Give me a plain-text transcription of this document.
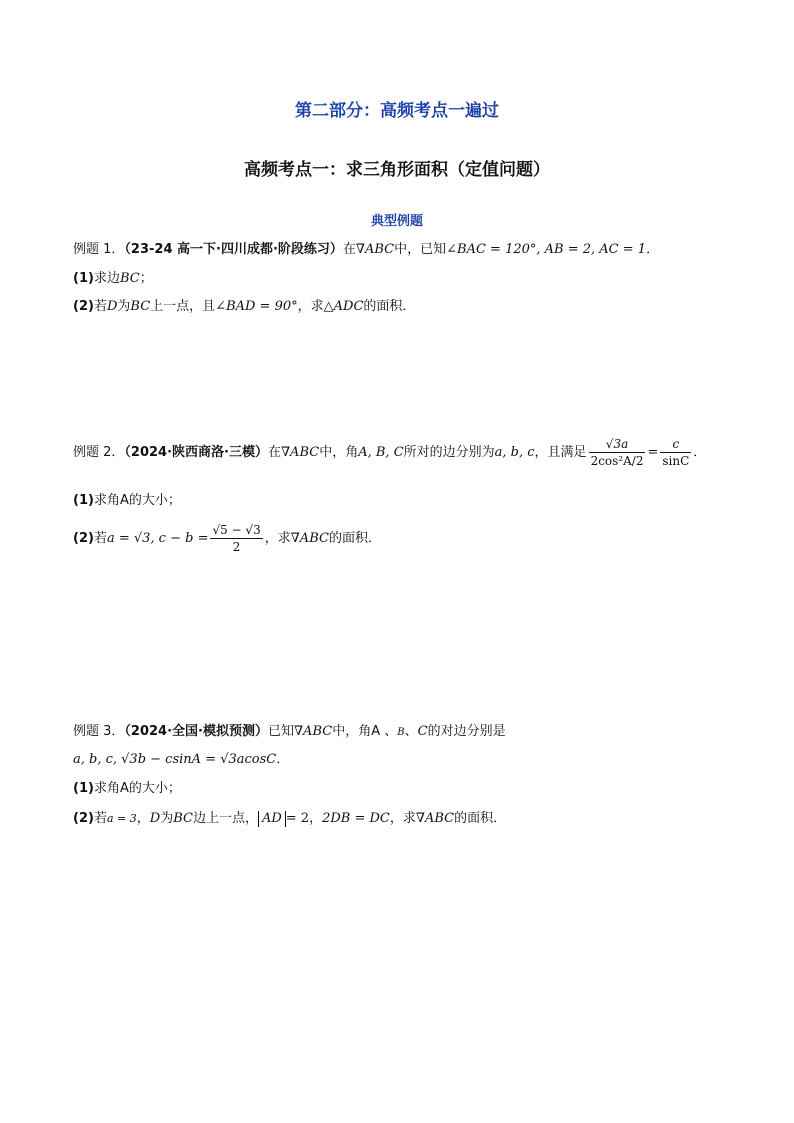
第二部分：高频考点一遍过
高频考点一：求三角形面积（定值问题）
典型例题
例题 1．（23-24 高一下·四川成都·阶段练习）在∇ABC中，已知∠BAC = 120°, AB = 2, AC = 1．
(1)求边BC；
(2)若D为BC上一点，且∠BAD = 90°，求△ADC的面积．
例题 2．（2024·陕西商洛·三模）在∇ABC中，角A, B, C所对的边分别为a, b, c，且满足 $\frac{√3a}{\text{2cos²A/2}} = \frac{c}{\sin C}$ ．
(1)求角A的大小；
(2)若a = √3, $c - b = \frac{√5 - √3}{2}$ ，求∇ABC的面积．
例题 3．（2024·全国·模拟预测）已知∇ABC中，角A 、B、C的对边分别是
a, b, c, √3b − csinA = √3acosC．
(1)求角A的大小；
(2)若a = 3，D为BC边上一点， AD = 2，2DB = DC，求∇ABC的面积．
